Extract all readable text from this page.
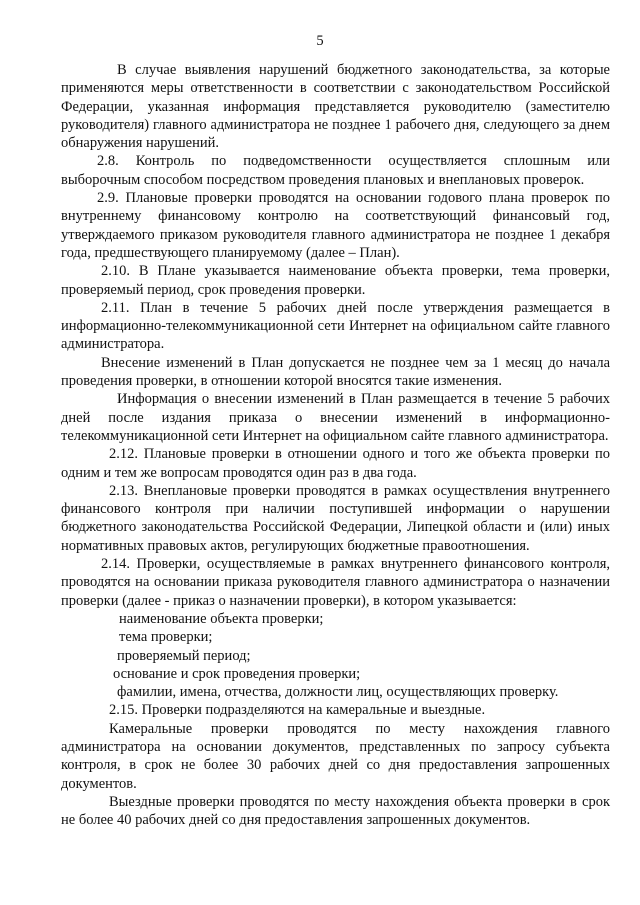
5

В случае выявления нарушений бюджетного законодательства, за которые применяются меры ответственности в соответствии с законодательством Российской Федерации, указанная информация представляется руководителю (заместителю руководителя) главного администратора не позднее 1 рабочего дня, следующего за днем обнаружения нарушений.

2.8. Контроль по подведомственности осуществляется сплошным или выборочным способом посредством проведения плановых и внеплановых проверок.

2.9. Плановые проверки проводятся на основании годового плана проверок по внутреннему финансовому контролю на соответствующий финансовый год, утверждаемого приказом руководителя главного администратора не позднее 1 декабря года, предшествующего планируемому (далее – План).

2.10. В Плане указывается наименование объекта проверки, тема проверки, проверяемый период, срок проведения проверки.

2.11. План в течение 5 рабочих дней после утверждения размещается в информационно-телекоммуникационной сети Интернет на официальном сайте главного администратора.

Внесение изменений в План допускается не позднее чем за 1 месяц до начала проведения проверки, в отношении которой вносятся такие изменения.

Информация о внесении изменений в План размещается в течение 5 рабочих дней после издания приказа о внесении изменений в информационно-телекоммуникационной сети Интернет на официальном сайте главного администратора.

2.12. Плановые проверки в отношении одного и того же объекта проверки по одним и тем же вопросам проводятся один раз в два года.

2.13. Внеплановые проверки проводятся в рамках осуществления внутреннего финансового контроля при наличии поступившей информации о нарушении бюджетного законодательства Российской Федерации, Липецкой области и (или) иных нормативных правовых актов, регулирующих бюджетные правоотношения.

2.14. Проверки, осуществляемые в рамках внутреннего финансового контроля, проводятся на основании приказа руководителя главного администратора о назначении проверки (далее - приказ о назначении проверки), в котором указывается:

наименование объекта проверки;

тема проверки;

проверяемый период;

основание и срок проведения проверки;

фамилии, имена, отчества, должности лиц, осуществляющих проверку.

2.15. Проверки подразделяются на камеральные и выездные.

Камеральные проверки проводятся по месту нахождения главного администратора на основании документов, представленных по запросу субъекта контроля, в срок не более 30 рабочих дней со дня предоставления запрошенных документов.

Выездные проверки проводятся по месту нахождения объекта проверки в срок не более 40 рабочих дней со дня предоставления запрошенных документов.
